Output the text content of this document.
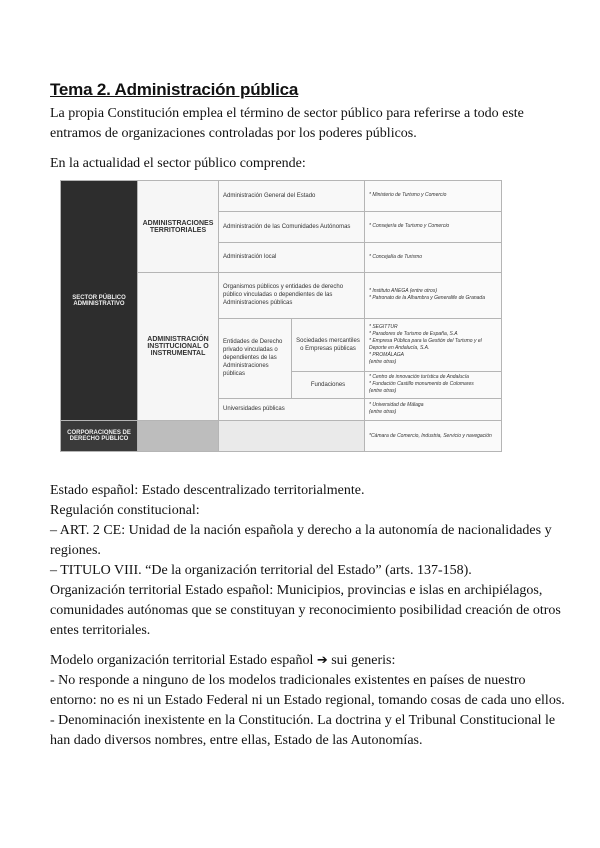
Tema 2. Administración pública

La propia Constitución emplea el término de sector público para referirse a todo este

entramos de organizaciones controladas por los poderes públicos.

En la actualidad el sector público comprende:

SECTOR PÚBLICO ADMINISTRATIVO	ADMINISTRACIONES TERRITORIALES	Administración General del Estado		* Ministerio de Turismo y Comercio
		Administración de las Comunidades Autónomas		* Consejería de Turismo y Comercio
		Administración local		* Concejalía de Turismo
	ADMINISTRACIÓN INSTITUCIONAL O INSTRUMENTAL	Organismos públicos y entidades de derecho público vinculadas o dependientes de las Administraciones públicas		* Instituto ANEGA (entre otros)
* Patronato de la Alhambra y Generalife de Granada
		Entidades de Derecho privado vinculadas o dependientes de las Administraciones públicas	Sociedades mercantiles o Empresas públicas	* SEGITTUR
* Paradores de Turismo de España, S.A
* Empresa Pública para la Gestión del Turismo y el Deporte en Andalucía, S.A.
* PROMÁLAGA
(entre otras)
			Fundaciones	* Centro de innovación turística de Andalucía
* Fundación Castillo monumento de Colomares
(entre otras)
		Universidades públicas		* Universidad de Málaga
(entre otras)
CORPORACIONES DE DERECHO PÚBLICO				*Cámara de Comercio, Industria, Servicio y navegación

Estado español: Estado descentralizado territorialmente.

Regulación constitucional:

– ART. 2 CE: Unidad de la nación española y derecho a la autonomía de nacionalidades y

regiones.

– TITULO VIII. “De la organización territorial del Estado” (arts. 137-158).

Organización territorial Estado español: Municipios, provincias e islas en archipiélagos,

comunidades autónomas que se constituyan y reconocimiento posibilidad creación de otros

entes territoriales.

Modelo organización territorial Estado español ➔ sui generis:

- No responde a ninguno de los modelos tradicionales existentes en países de nuestro

entorno: no es ni un Estado Federal ni un Estado regional, tomando cosas de cada uno ellos.

- Denominación inexistente en la Constitución. La doctrina y el Tribunal Constitucional le

han dado diversos nombres, entre ellas, Estado de las Autonomías.
